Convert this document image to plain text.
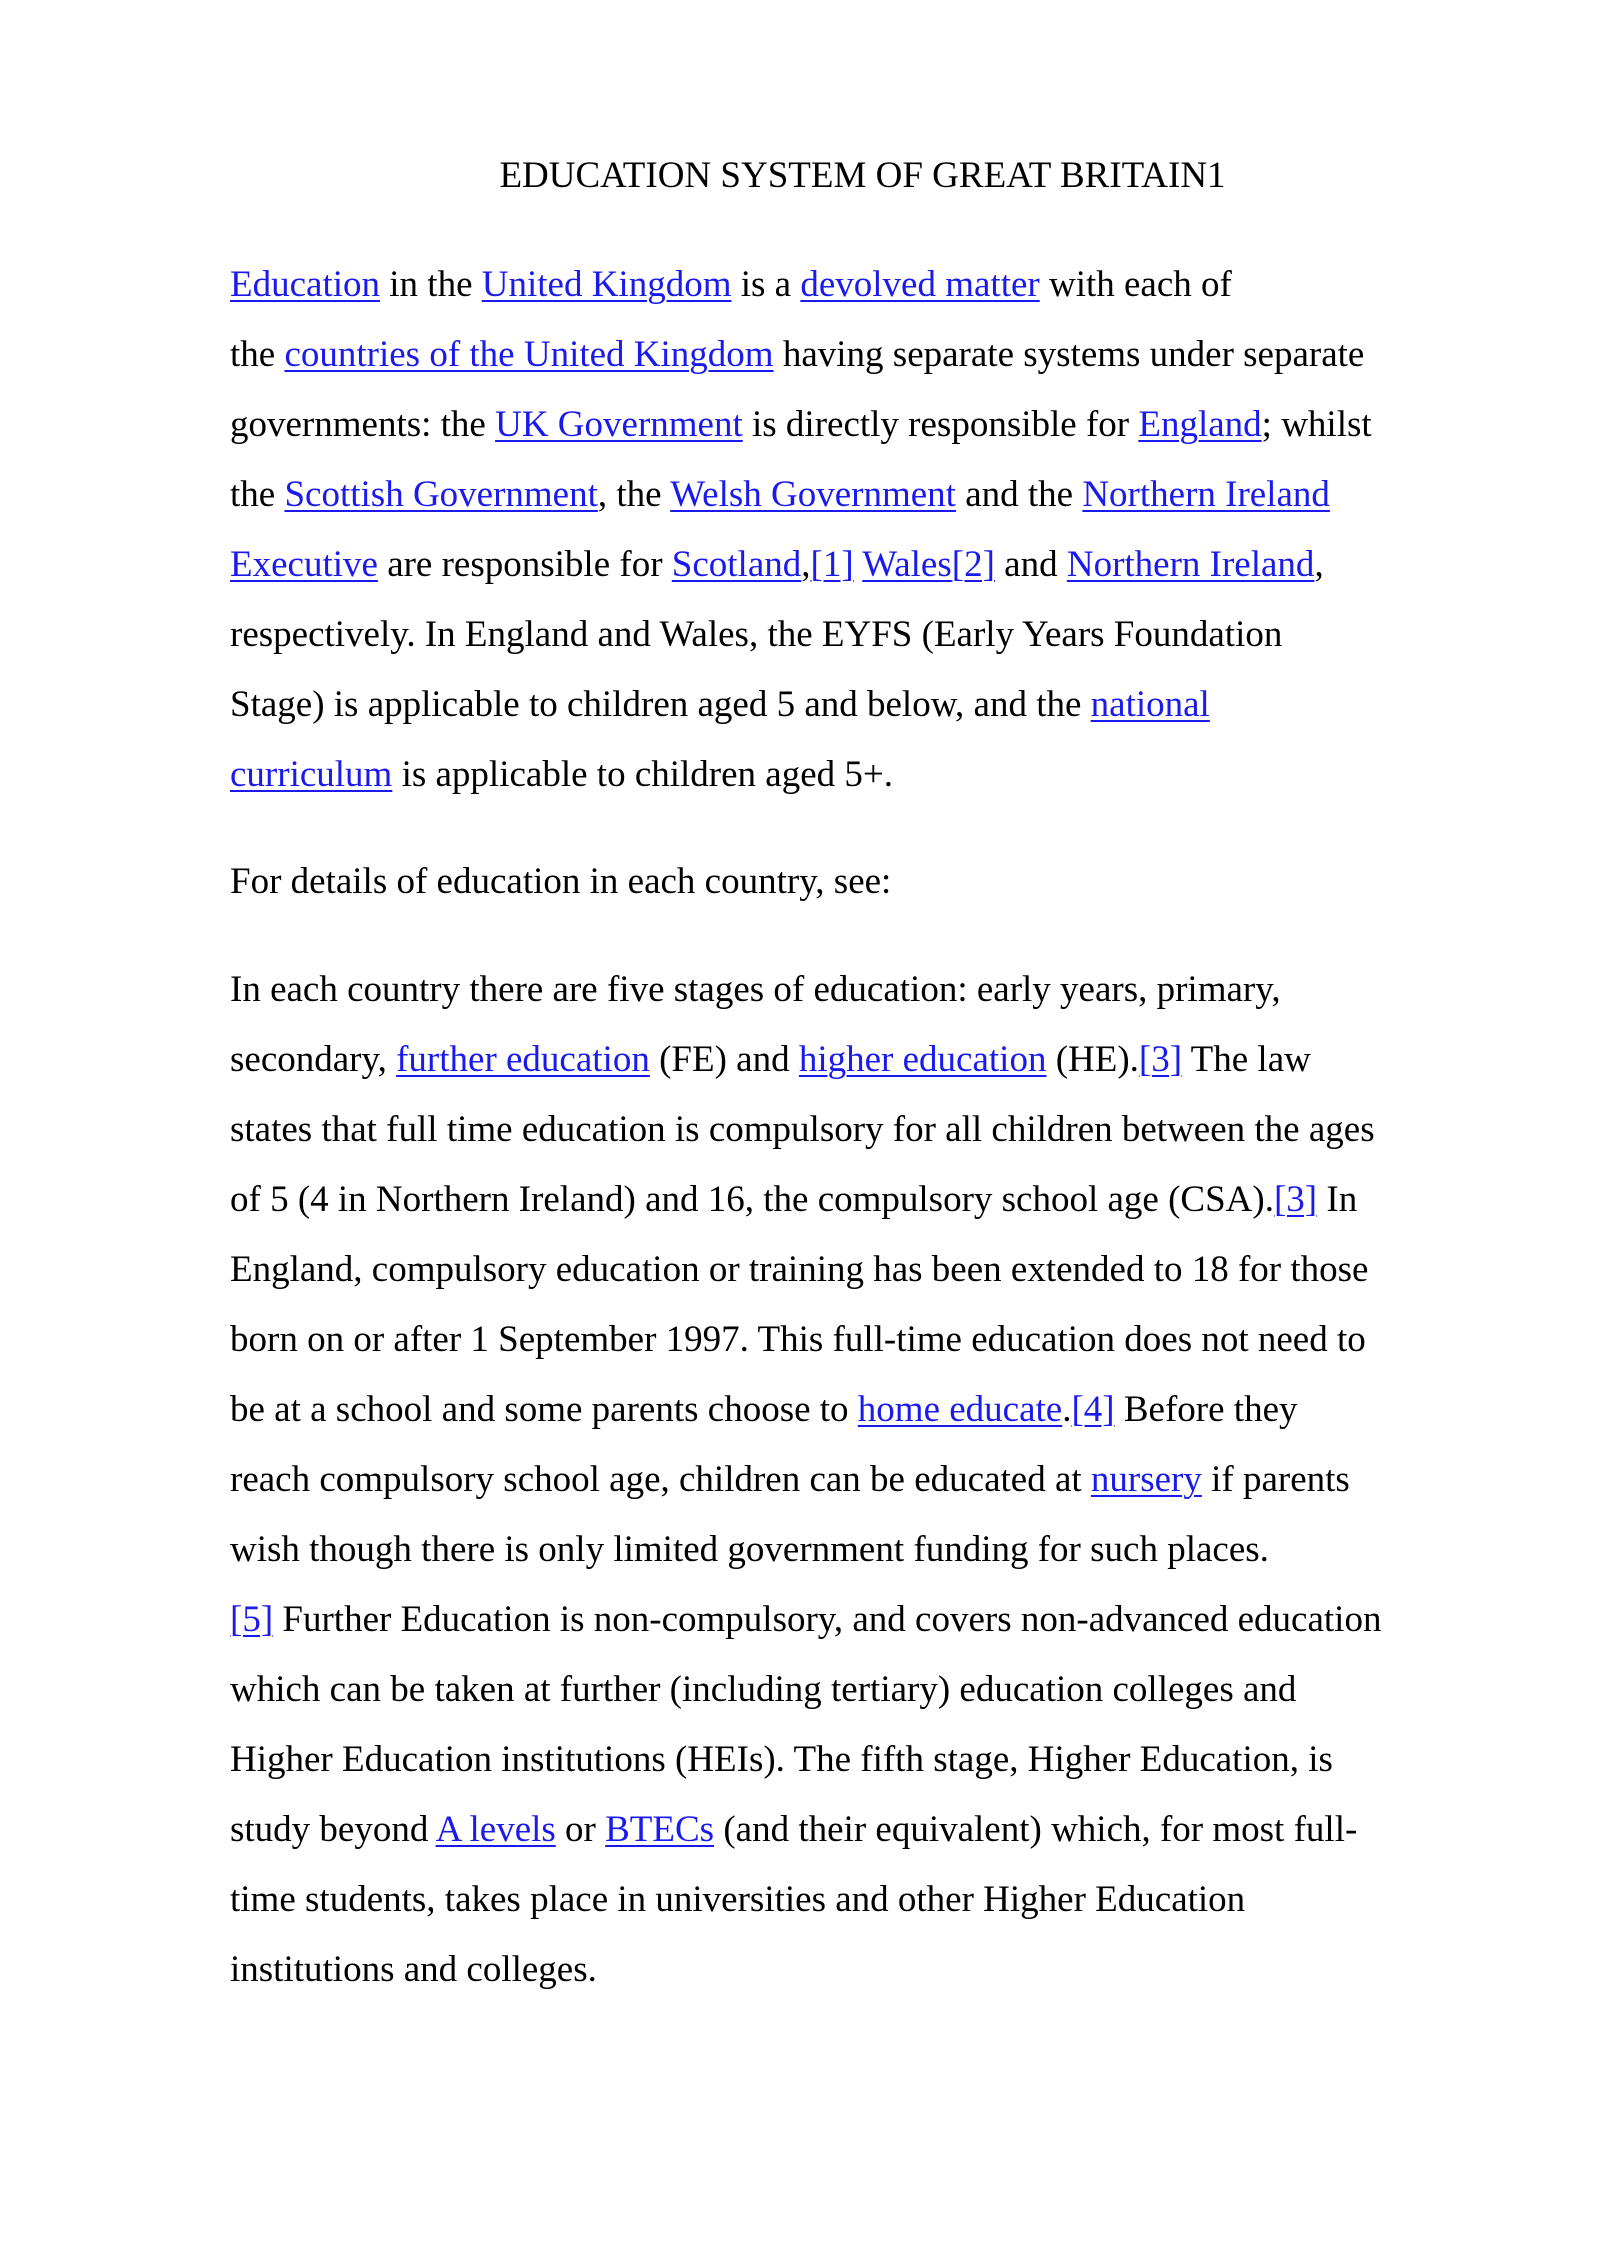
EDUCATION SYSTEM OF GREAT BRITAIN1

Education in the United Kingdom is a devolved matter with each of
the countries of the United Kingdom having separate systems under separate
governments: the UK Government is directly responsible for England; whilst
the Scottish Government, the Welsh Government and the Northern Ireland
Executive are responsible for Scotland,[1] Wales[2] and Northern Ireland,
respectively. In England and Wales, the EYFS (Early Years Foundation
Stage) is applicable to children aged 5 and below, and the national
curriculum is applicable to children aged 5+.

For details of education in each country, see:

In each country there are five stages of education: early years, primary,
secondary, further education (FE) and higher education (HE).[3] The law
states that full time education is compulsory for all children between the ages
of 5 (4 in Northern Ireland) and 16, the compulsory school age (CSA).[3] In
England, compulsory education or training has been extended to 18 for those
born on or after 1 September 1997. This full-time education does not need to
be at a school and some parents choose to home educate.[4] Before they
reach compulsory school age, children can be educated at nursery if parents
wish though there is only limited government funding for such places.
[5] Further Education is non-compulsory, and covers non-advanced education
which can be taken at further (including tertiary) education colleges and
Higher Education institutions (HEIs). The fifth stage, Higher Education, is
study beyond A levels or BTECs (and their equivalent) which, for most full-
time students, takes place in universities and other Higher Education
institutions and colleges.
